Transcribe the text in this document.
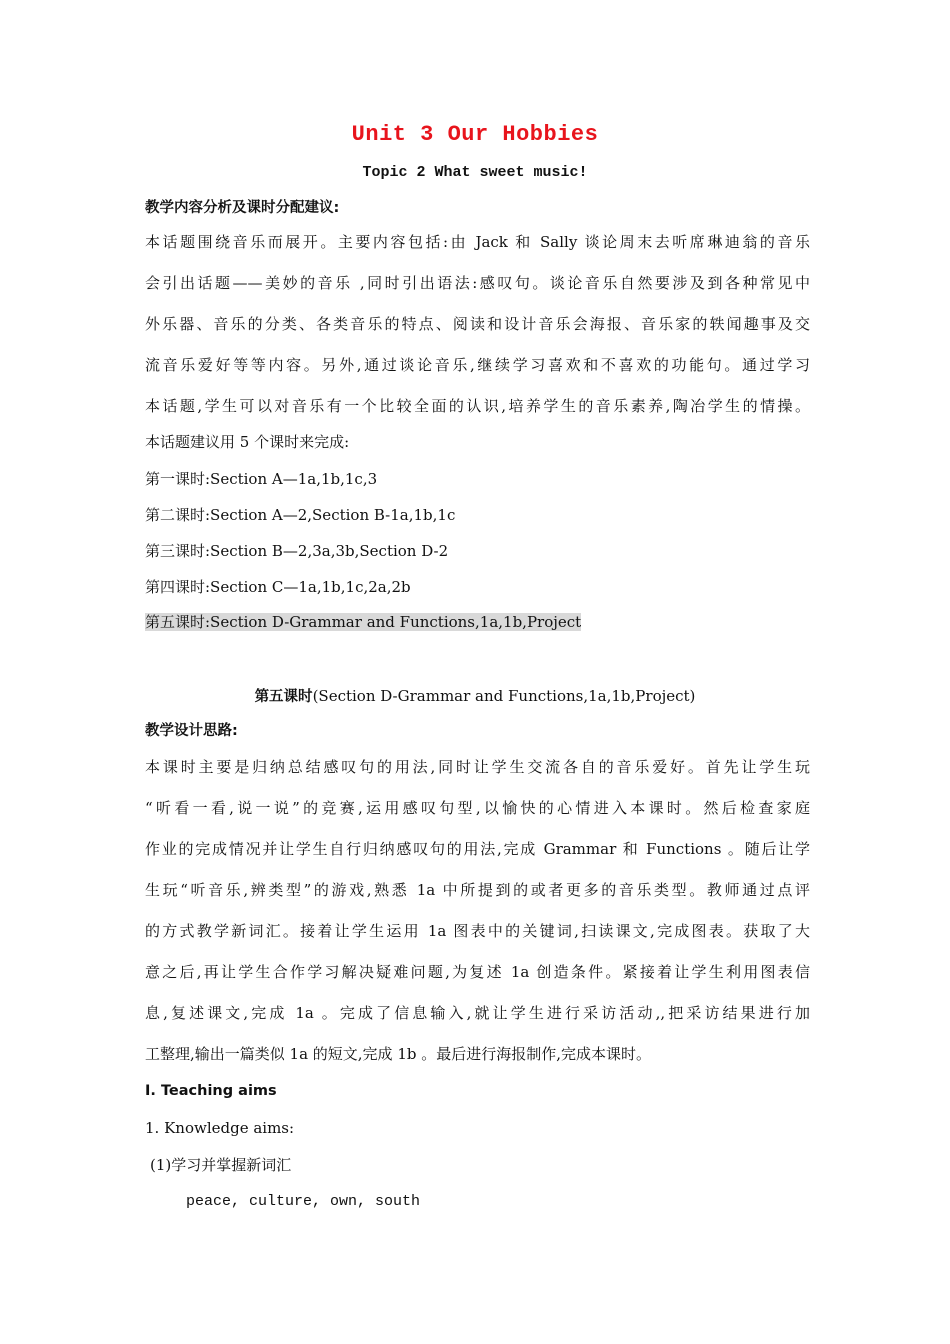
Unit 3 Our Hobbies
Topic 2 What sweet music!
教学内容分析及课时分配建议:
本话题围绕音乐而展开。主要内容包括:由 Jack 和 Sally 谈论周末去听席琳迪翁的音乐
会引出话题——美妙的音乐 ,同时引出语法:感叹句。谈论音乐自然要涉及到各种常见中
外乐器、音乐的分类、各类音乐的特点、阅读和设计音乐会海报、音乐家的轶闻趣事及交
流音乐爱好等等内容。另外,通过谈论音乐,继续学习喜欢和不喜欢的功能句。通过学习
本话题,学生可以对音乐有一个比较全面的认识,培养学生的音乐素养,陶冶学生的情操。
本话题建议用 5 个课时来完成:
第一课时:Section A—1a,1b,1c,3
第二课时:Section A—2,Section B-1a,1b,1c
第三课时:Section B—2,3a,3b,Section D-2
第四课时:Section C—1a,1b,1c,2a,2b
第五课时:Section D-Grammar and Functions,1a,1b,Project
第五课时(Section D-Grammar and Functions,1a,1b,Project)
教学设计思路:
本课时主要是归纳总结感叹句的用法,同时让学生交流各自的音乐爱好。首先让学生玩
“听看一看,说一说”的竞赛,运用感叹句型,以愉快的心情进入本课时。然后检查家庭
作业的完成情况并让学生自行归纳感叹句的用法,完成 Grammar 和 Functions 。随后让学
生玩“听音乐,辨类型”的游戏,熟悉 1a 中所提到的或者更多的音乐类型。教师通过点评
的方式教学新词汇。接着让学生运用 1a 图表中的关键词,扫读课文,完成图表。获取了大
意之后,再让学生合作学习解决疑难问题,为复述 1a 创造条件。紧接着让学生利用图表信
息,复述课文,完成 1a 。完成了信息输入,就让学生进行采访活动,,把采访结果进行加
工整理,输出一篇类似 1a 的短文,完成 1b 。最后进行海报制作,完成本课时。
Ⅰ. Teaching aims
1. Knowledge aims:
(1)学习并掌握新词汇
peace, culture, own, south
